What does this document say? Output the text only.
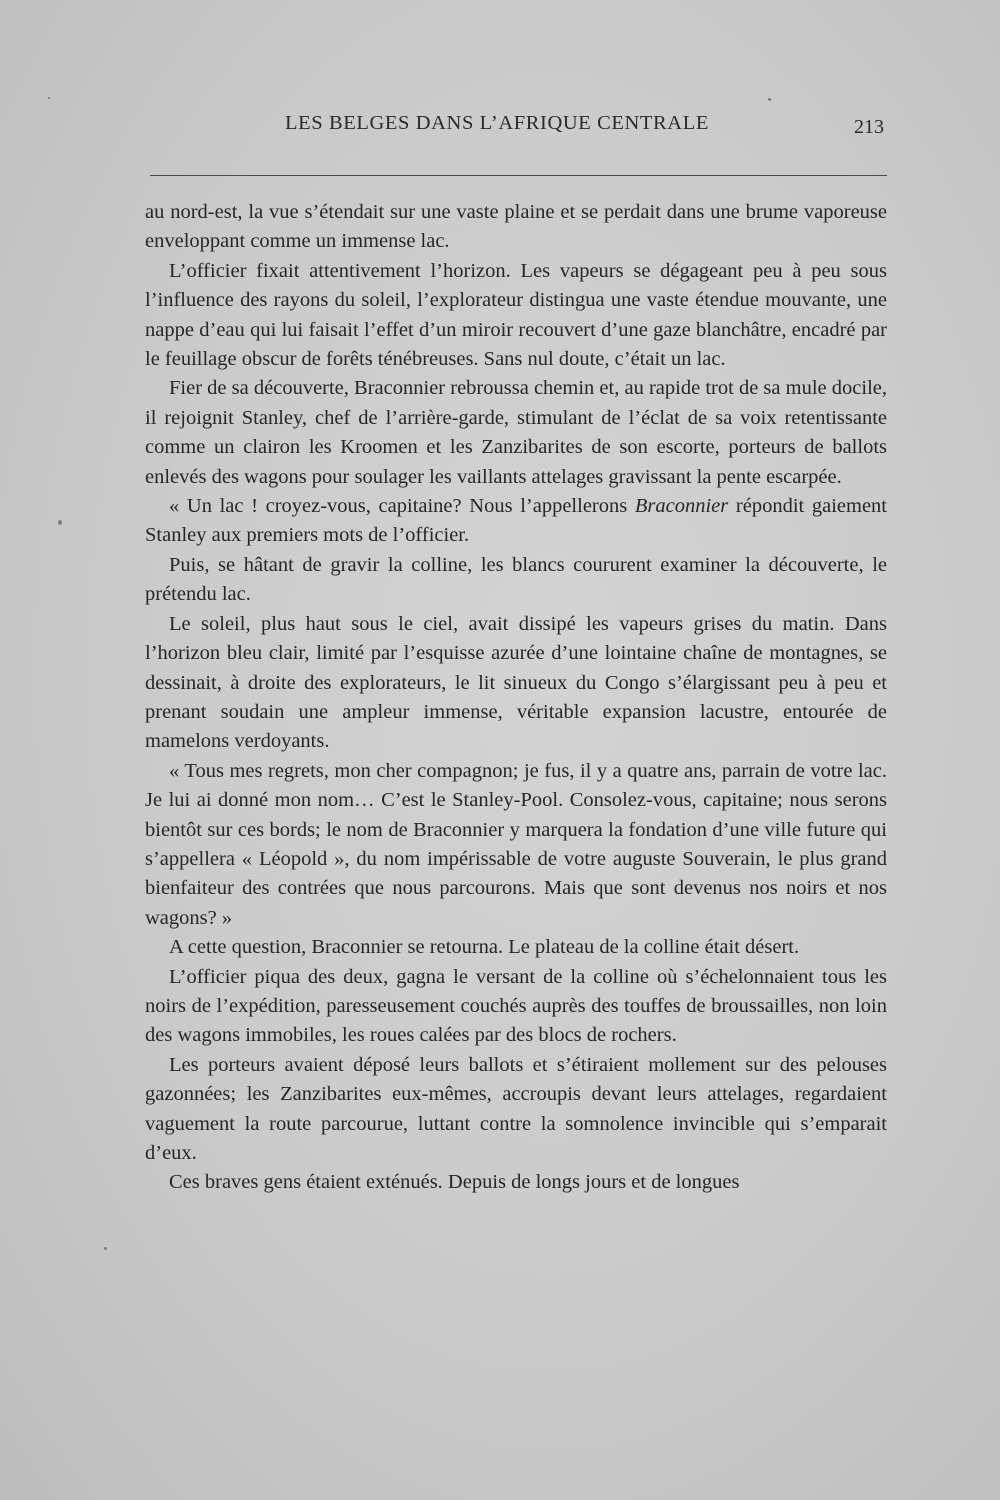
LES BELGES DANS L’AFRIQUE CENTRALE	213

au nord-est, la vue s’étendait sur une vaste plaine et se perdait dans une brume vaporeuse enveloppant comme un immense lac.

L’officier fixait attentivement l’horizon. Les vapeurs se dégageant peu à peu sous l’influence des rayons du soleil, l’explorateur distingua une vaste étendue mouvante, une nappe d’eau qui lui faisait l’effet d’un miroir recouvert d’une gaze blanchâtre, encadré par le feuillage obscur de forêts ténébreuses. Sans nul doute, c’était un lac.

Fier de sa découverte, Braconnier rebroussa chemin et, au rapide trot de sa mule docile, il rejoignit Stanley, chef de l’arrière-garde, stimulant de l’éclat de sa voix retentissante comme un clairon les Kroomen et les Zanzibarites de son escorte, porteurs de ballots enlevés des wagons pour soulager les vaillants attelages gravissant la pente escarpée.

« Un lac ! croyez-vous, capitaine? Nous l’appellerons Braconnier répondit gaiement Stanley aux premiers mots de l’officier.

Puis, se hâtant de gravir la colline, les blancs coururent examiner la découverte, le prétendu lac.

Le soleil, plus haut sous le ciel, avait dissipé les vapeurs grises du matin. Dans l’horizon bleu clair, limité par l’esquisse azurée d’une lointaine chaîne de montagnes, se dessinait, à droite des explorateurs, le lit sinueux du Congo s’élargissant peu à peu et prenant soudain une ampleur immense, véritable expansion lacustre, entourée de mamelons verdoyants.

« Tous mes regrets, mon cher compagnon; je fus, il y a quatre ans, parrain de votre lac. Je lui ai donné mon nom… C’est le Stanley-Pool. Consolez-vous, capitaine; nous serons bientôt sur ces bords; le nom de Braconnier y marquera la fondation d’une ville future qui s’appellera « Léopold », du nom impérissable de votre auguste Souverain, le plus grand bienfaiteur des contrées que nous parcourons. Mais que sont devenus nos noirs et nos wagons? »

A cette question, Braconnier se retourna. Le plateau de la colline était désert.

L’officier piqua des deux, gagna le versant de la colline où s’échelonnaient tous les noirs de l’expédition, paresseusement couchés auprès des touffes de broussailles, non loin des wagons immobiles, les roues calées par des blocs de rochers.

Les porteurs avaient déposé leurs ballots et s’étiraient mollement sur des pelouses gazonnées; les Zanzibarites eux-mêmes, accroupis devant leurs attelages, regardaient vaguement la route parcourue, luttant contre la somnolence invincible qui s’emparait d’eux.

Ces braves gens étaient exténués. Depuis de longs jours et de longues
